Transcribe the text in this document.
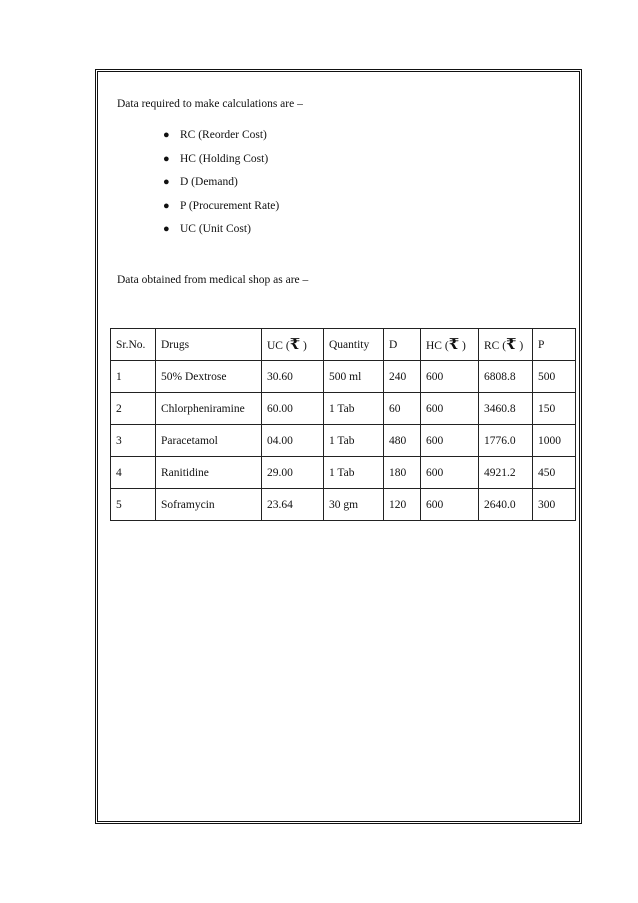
Data required to make calculations are –
● RC (Reorder Cost)
● HC (Holding Cost)
● D (Demand)
● P (Procurement Rate)
● UC (Unit Cost)
Data obtained from medical shop as are –
Sr.No.	Drugs	UC (₹ )	Quantity	D	HC (₹ )	RC (₹ )	P
1	50% Dextrose	30.60	500 ml	240	600	6808.8	500
2	Chlorpheniramine	60.00	1 Tab	60	600	3460.8	150
3	Paracetamol	04.00	1 Tab	480	600	1776.0	1000
4	Ranitidine	29.00	1 Tab	180	600	4921.2	450
5	Soframycin	23.64	30 gm	120	600	2640.0	300
